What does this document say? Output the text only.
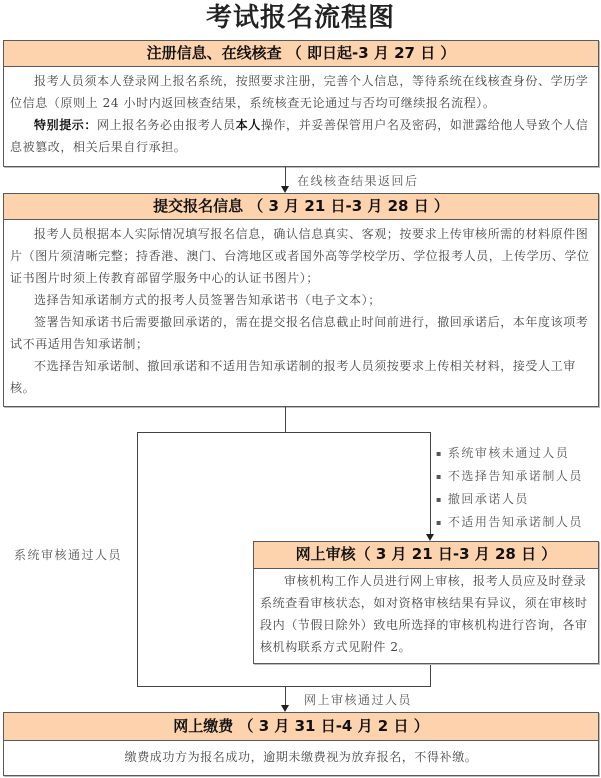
考试报名流程图
注册信息、在线核查 （ 即日起-3 月 27 日 ）

报考人员须本人登录网上报名系统，按照要求注册，完善个人信息，等待系统在线核查身份、学历学位信息（原则上 24 小时内返回核查结果，系统核查无论通过与否均可继续报名流程）。

特别提示：网上报名务必由报考人员本人操作，并妥善保管用户名及密码，如泄露给他人导致个人信息被篡改，相关后果自行承担。

在线核查结果返回后
提交报名信息 （ 3 月 21 日-3 月 28 日 ）

报考人员根据本人实际情况填写报名信息，确认信息真实、客观；按要求上传审核所需的材料原件图片（图片须清晰完整；持香港、澳门、台湾地区或者国外高等学校学历、学位报考人员，上传学历、学位证书图片时须上传教育部留学服务中心的认证书图片）；

选择告知承诺制方式的报考人员签署告知承诺书（电子文本）；

签署告知承诺书后需要撤回承诺的，需在提交报名信息截止时间前进行，撤回承诺后，本年度该项考试不再适用告知承诺制；

不选择告知承诺制、撤回承诺和不适用告知承诺制的报考人员须按要求上传相关材料，接受人工审核。

▪ 系统审核未通过人员
▪ 不选择告知承诺制人员
▪ 撤回承诺人员
▪ 不适用告知承诺制人员
系统审核通过人员	网上审核（ 3 月 21 日-3 月 28 日 ）

审核机构工作人员进行网上审核，报考人员应及时登录系统查看审核状态，如对资格审核结果有异议，须在审核时段内（节假日除外）致电所选择的审核机构进行咨询，各审核机构联系方式见附件 2。

网上审核通过人员
网上缴费 （ 3 月 31 日-4 月 2 日 ）
缴费成功方为报名成功，逾期未缴费视为放弃报名，不得补缴。
